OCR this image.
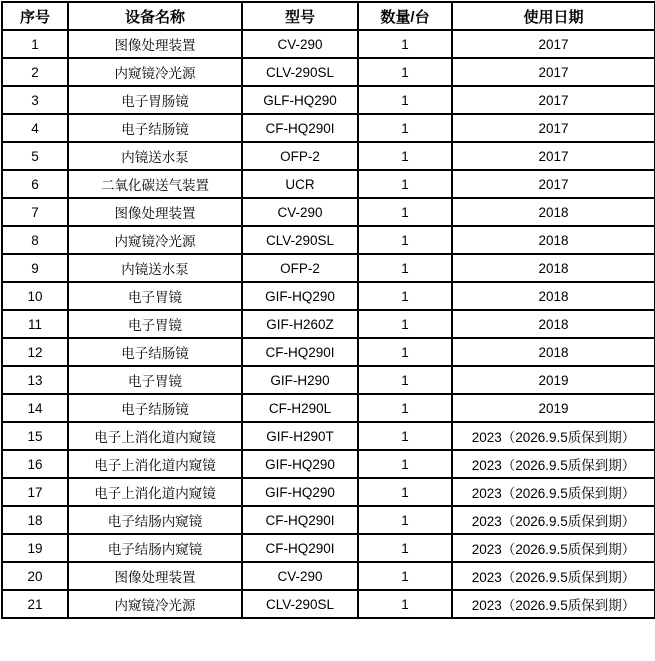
序号	设备名称	型号	数量/台	使用日期
1	图像处理装置	CV-290	1	2017
2	内窥镜冷光源	CLV-290SL	1	2017
3	电子胃肠镜	GLF-HQ290	1	2017
4	电子结肠镜	CF-HQ290I	1	2017
5	内镜送水泵	OFP-2	1	2017
6	二氧化碳送气装置	UCR	1	2017
7	图像处理装置	CV-290	1	2018
8	内窥镜冷光源	CLV-290SL	1	2018
9	内镜送水泵	OFP-2	1	2018
10	电子胃镜	GIF-HQ290	1	2018
11	电子胃镜	GIF-H260Z	1	2018
12	电子结肠镜	CF-HQ290I	1	2018
13	电子胃镜	GIF-H290	1	2019
14	电子结肠镜	CF-H290L	1	2019
15	电子上消化道内窥镜	GIF-H290T	1	2023（2026.9.5质保到期）
16	电子上消化道内窥镜	GIF-HQ290	1	2023（2026.9.5质保到期）
17	电子上消化道内窥镜	GIF-HQ290	1	2023（2026.9.5质保到期）
18	电子结肠内窥镜	CF-HQ290I	1	2023（2026.9.5质保到期）
19	电子结肠内窥镜	CF-HQ290I	1	2023（2026.9.5质保到期）
20	图像处理装置	CV-290	1	2023（2026.9.5质保到期）
21	内窥镜冷光源	CLV-290SL	1	2023（2026.9.5质保到期）
